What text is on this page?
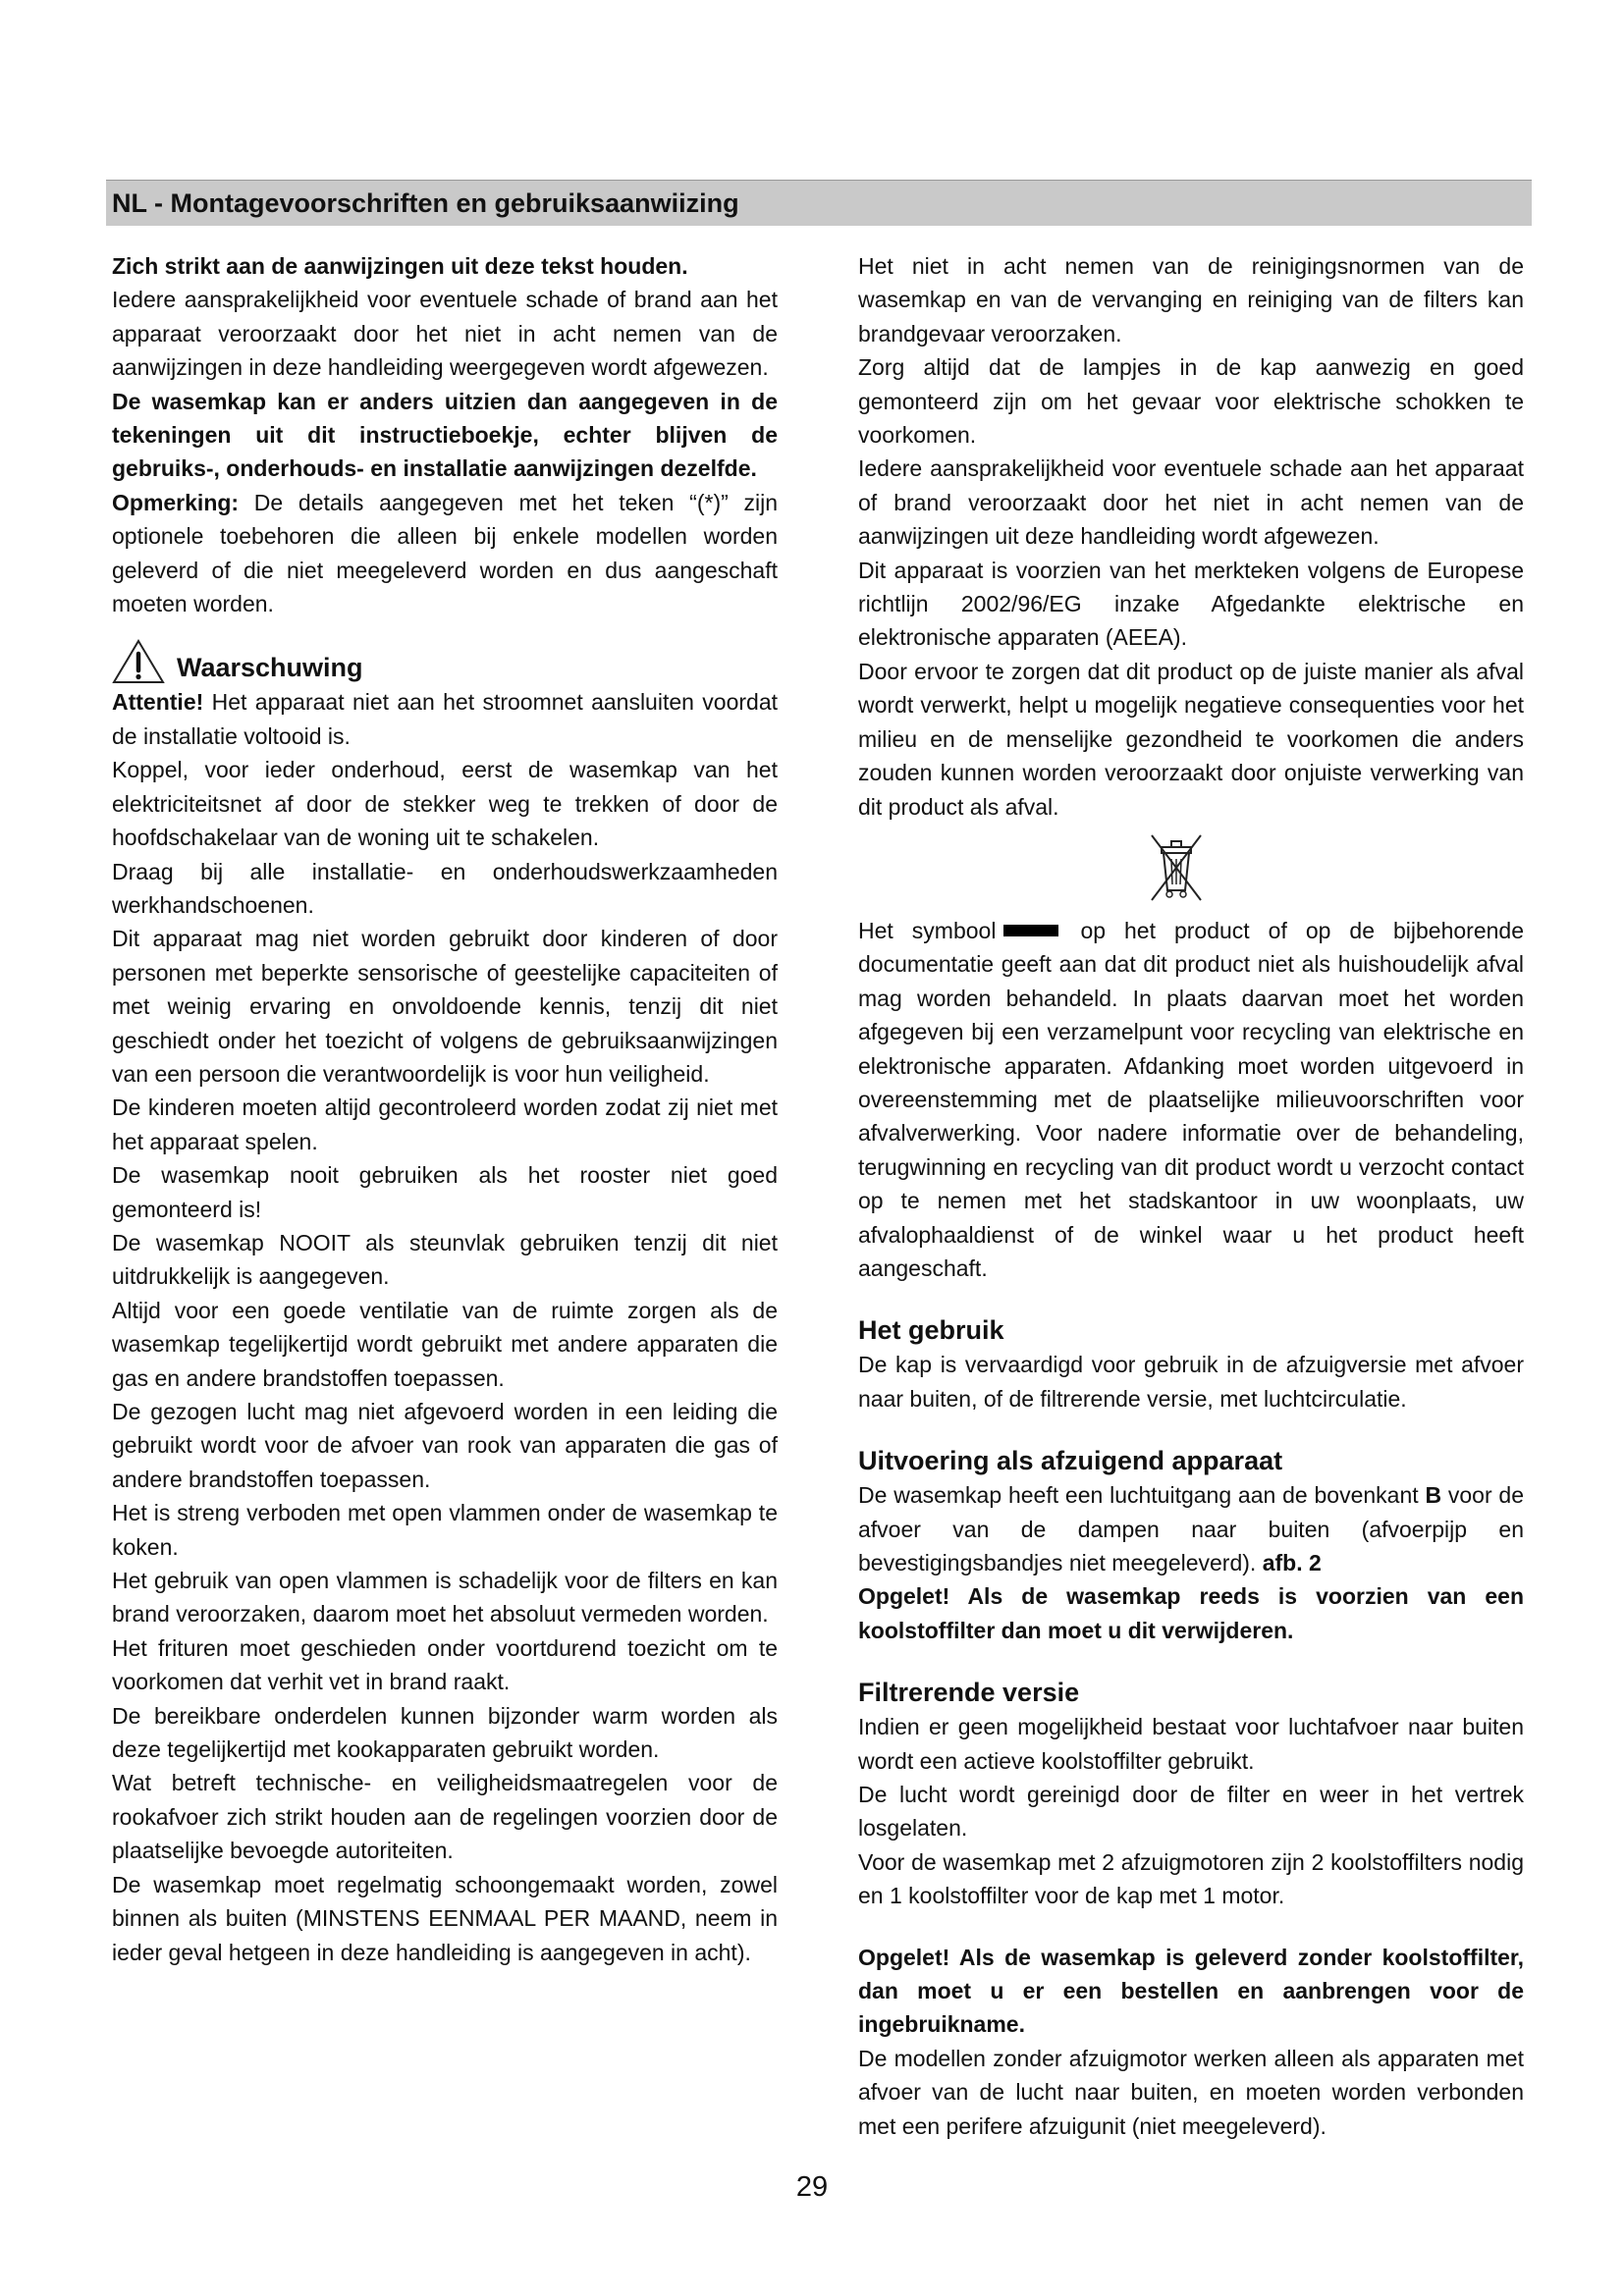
NL - Montagevoorschriften en gebruiksaanwiizing

Zich strikt aan de aanwijzingen uit deze tekst houden.

Iedere aansprakelijkheid voor eventuele schade of brand aan het apparaat veroorzaakt door het niet in acht nemen van de aanwijzingen in deze handleiding weergegeven wordt afgewezen.

De wasemkap kan er anders uitzien dan aangegeven in de tekeningen uit dit instructieboekje, echter blijven de gebruiks-, onderhouds- en installatie aanwijzingen dezelfde.

Opmerking: De details aangegeven met het teken “(*)” zijn optionele toebehoren die alleen bij enkele modellen worden geleverd of die niet meegeleverd worden en dus aangeschaft moeten worden.

Waarschuwing

Attentie! Het apparaat niet aan het stroomnet aansluiten voordat de installatie voltooid is.

Koppel, voor ieder onderhoud, eerst de wasemkap van het elektriciteitsnet af door de stekker weg te trekken of door de hoofdschakelaar van de woning uit te schakelen.

Draag bij alle installatie- en onderhoudswerkzaamheden werkhandschoenen.

Dit apparaat mag niet worden gebruikt door kinderen of door personen met beperkte sensorische of geestelijke capaciteiten of met weinig ervaring en onvoldoende kennis, tenzij dit niet geschiedt onder het toezicht of volgens de gebruiksaanwijzingen van een persoon die verantwoordelijk is voor hun veiligheid.

De kinderen moeten altijd gecontroleerd worden zodat zij niet met het apparaat spelen.

De wasemkap nooit gebruiken als het rooster niet goed gemonteerd is!

De wasemkap NOOIT als steunvlak gebruiken tenzij dit niet uitdrukkelijk is aangegeven.

Altijd voor een goede ventilatie van de ruimte zorgen als de wasemkap tegelijkertijd wordt gebruikt met andere apparaten die gas en andere brandstoffen toepassen.

De gezogen lucht mag niet afgevoerd worden in een leiding die gebruikt wordt voor de afvoer van rook van apparaten die gas of andere brandstoffen toepassen.

Het is streng verboden met open vlammen onder de wasemkap te koken.

Het gebruik van open vlammen is schadelijk voor de filters en kan brand veroorzaken, daarom moet het absoluut vermeden worden.

Het frituren moet geschieden onder voortdurend toezicht om te voorkomen dat verhit vet in brand raakt.

De bereikbare onderdelen kunnen bijzonder warm worden als deze tegelijkertijd met kookapparaten gebruikt worden.

Wat betreft technische- en veiligheidsmaatregelen voor de rookafvoer zich strikt houden aan de regelingen voorzien door de plaatselijke bevoegde autoriteiten.

De wasemkap moet regelmatig schoongemaakt worden, zowel binnen als buiten (MINSTENS EENMAAL PER MAAND, neem in ieder geval hetgeen in deze handleiding is aangegeven in acht).

Het niet in acht nemen van de reinigingsnormen van de wasemkap en van de vervanging en reiniging van de filters kan brandgevaar veroorzaken.

Zorg altijd dat de lampjes in de kap aanwezig en goed gemonteerd zijn om het gevaar voor elektrische schokken te voorkomen.

Iedere aansprakelijkheid voor eventuele schade aan het apparaat of brand veroorzaakt door het niet in acht nemen van de aanwijzingen uit deze handleiding wordt afgewezen.

Dit apparaat is voorzien van het merkteken volgens de Europese richtlijn 2002/96/EG inzake Afgedankte elektrische en elektronische apparaten (AEEA).

Door ervoor te zorgen dat dit product op de juiste manier als afval wordt verwerkt, helpt u mogelijk negatieve consequenties voor het milieu en de menselijke gezondheid te voorkomen die anders zouden kunnen worden veroorzaakt door onjuiste verwerking van dit product als afval.

Het symbool	op het product of op de bijbehorende documentatie geeft aan dat dit product niet als huishoudelijk afval mag worden behandeld. In plaats daarvan moet het worden afgegeven bij een verzamelpunt voor recycling van elektrische en elektronische apparaten. Afdanking moet worden uitgevoerd in overeenstemming met de plaatselijke milieuvoorschriften voor afvalverwerking. Voor nadere informatie over de behandeling, terugwinning en recycling van dit product wordt u verzocht contact op te nemen met het stadskantoor in uw woonplaats, uw afvalophaaldienst of de winkel waar u het product heeft aangeschaft.

Het gebruik

De kap is vervaardigd voor gebruik in de afzuigversie met afvoer naar buiten, of de filtrerende versie, met luchtcirculatie.

Uitvoering als afzuigend apparaat

De wasemkap heeft een luchtuitgang aan de bovenkant B voor de afvoer van de dampen naar buiten (afvoerpijp en bevestigingsbandjes niet meegeleverd). afb. 2

Opgelet! Als de wasemkap reeds is voorzien van een koolstoffilter dan moet u dit verwijderen.

Filtrerende versie

Indien er geen mogelijkheid bestaat voor luchtafvoer naar buiten wordt een actieve koolstoffilter gebruikt.

De lucht wordt gereinigd door de filter en weer in het vertrek losgelaten.

Voor de wasemkap met 2 afzuigmotoren zijn 2 koolstoffilters nodig en 1 koolstoffilter voor de kap met 1 motor.

Opgelet! Als de wasemkap is geleverd zonder koolstoffilter, dan moet u er een bestellen en aanbrengen voor de ingebruikname.

De modellen zonder afzuigmotor werken alleen als apparaten met afvoer van de lucht naar buiten, en moeten worden verbonden met een perifere afzuigunit (niet meegeleverd).

29
